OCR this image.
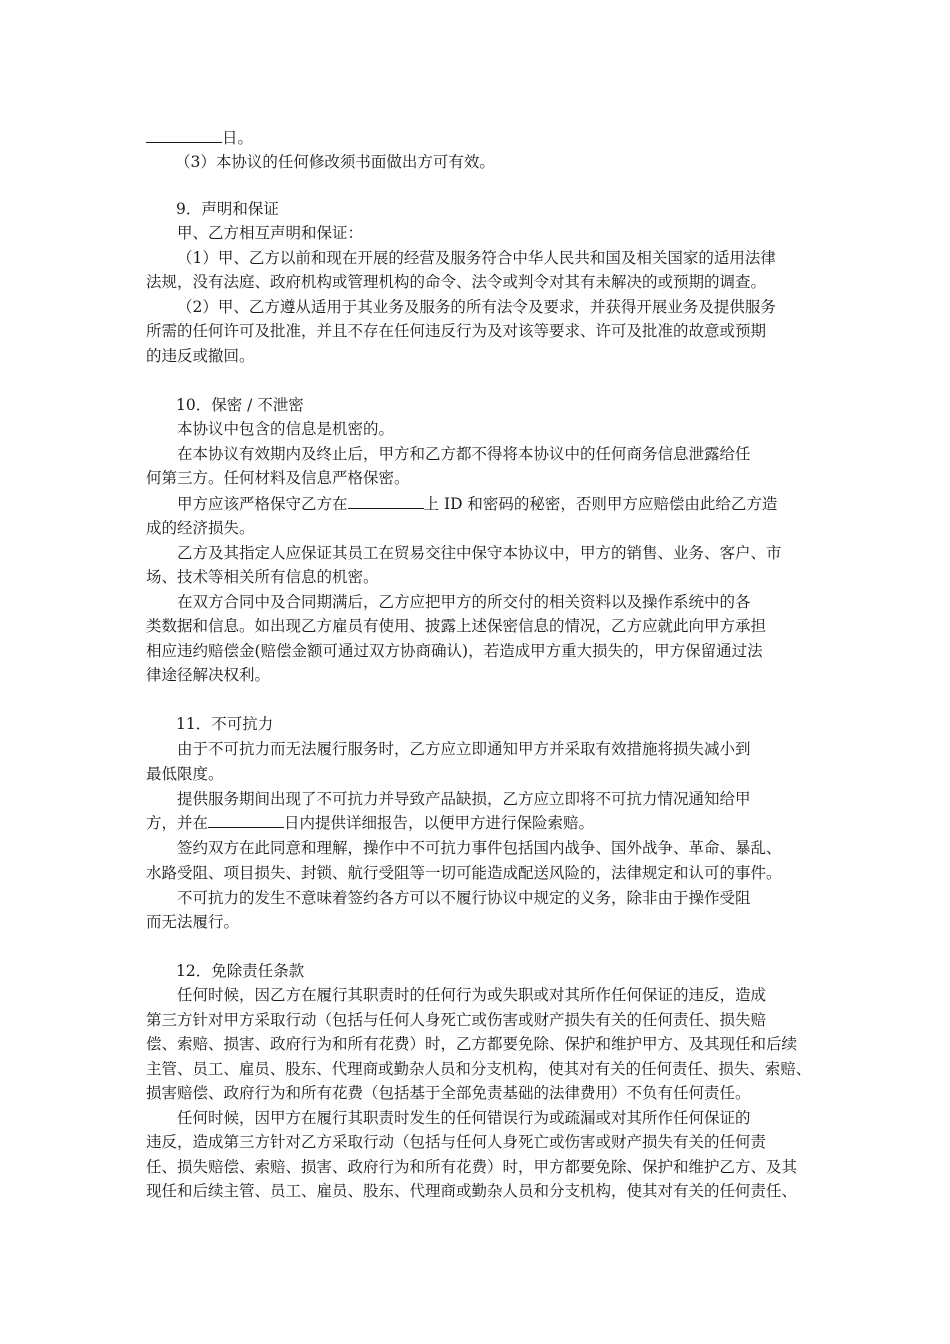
日。

（3）本协议的任何修改须书面做出方可有效。

9．声明和保证

甲、乙方相互声明和保证：

（1）甲、乙方以前和现在开展的经营及服务符合中华人民共和国及相关国家的适用法律

法规，没有法庭、政府机构或管理机构的命令、法令或判令对其有未解决的或预期的调查。

（2）甲、乙方遵从适用于其业务及服务的所有法令及要求，并获得开展业务及提供服务

所需的任何许可及批准，并且不存在任何违反行为及对该等要求、许可及批准的故意或预期

的违反或撤回。

10．保密 / 不泄密

本协议中包含的信息是机密的。

在本协议有效期内及终止后，甲方和乙方都不得将本协议中的任何商务信息泄露给任

何第三方。任何材料及信息严格保密。

甲方应该严格保守乙方在	上 ID 和密码的秘密，否则甲方应赔偿由此给乙方造

成的经济损失。

乙方及其指定人应保证其员工在贸易交往中保守本协议中，甲方的销售、业务、客户、市

场、技术等相关所有信息的机密。

在双方合同中及合同期满后，乙方应把甲方的所交付的相关资料以及操作系统中的各

类数据和信息。如出现乙方雇员有使用、披露上述保密信息的情况，乙方应就此向甲方承担

相应违约赔偿金(赔偿金额可通过双方协商确认)，若造成甲方重大损失的，甲方保留通过法

律途径解决权利。

11．不可抗力

由于不可抗力而无法履行服务时，乙方应立即通知甲方并采取有效措施将损失减小到

最低限度。

提供服务期间出现了不可抗力并导致产品缺损，乙方应立即将不可抗力情况通知给甲

方，并在	日内提供详细报告，以便甲方进行保险索赔。

签约双方在此同意和理解，操作中不可抗力事件包括国内战争、国外战争、革命、暴乱、

水路受阻、项目损失、封锁、航行受阻等一切可能造成配送风险的，法律规定和认可的事件。

不可抗力的发生不意味着签约各方可以不履行协议中规定的义务，除非由于操作受阻

而无法履行。

12．免除责任条款

任何时候，因乙方在履行其职责时的任何行为或失职或对其所作任何保证的违反，造成

第三方针对甲方采取行动（包括与任何人身死亡或伤害或财产损失有关的任何责任、损失赔

偿、索赔、损害、政府行为和所有花费）时，乙方都要免除、保护和维护甲方、及其现任和后续

主管、员工、雇员、股东、代理商或勤杂人员和分支机构，使其对有关的任何责任、损失、索赔、

损害赔偿、政府行为和所有花费（包括基于全部免责基础的法律费用）不负有任何责任。

任何时候，因甲方在履行其职责时发生的任何错误行为或疏漏或对其所作任何保证的

违反，造成第三方针对乙方采取行动（包括与任何人身死亡或伤害或财产损失有关的任何责

任、损失赔偿、索赔、损害、政府行为和所有花费）时，甲方都要免除、保护和维护乙方、及其

现任和后续主管、员工、雇员、股东、代理商或勤杂人员和分支机构，使其对有关的任何责任、
